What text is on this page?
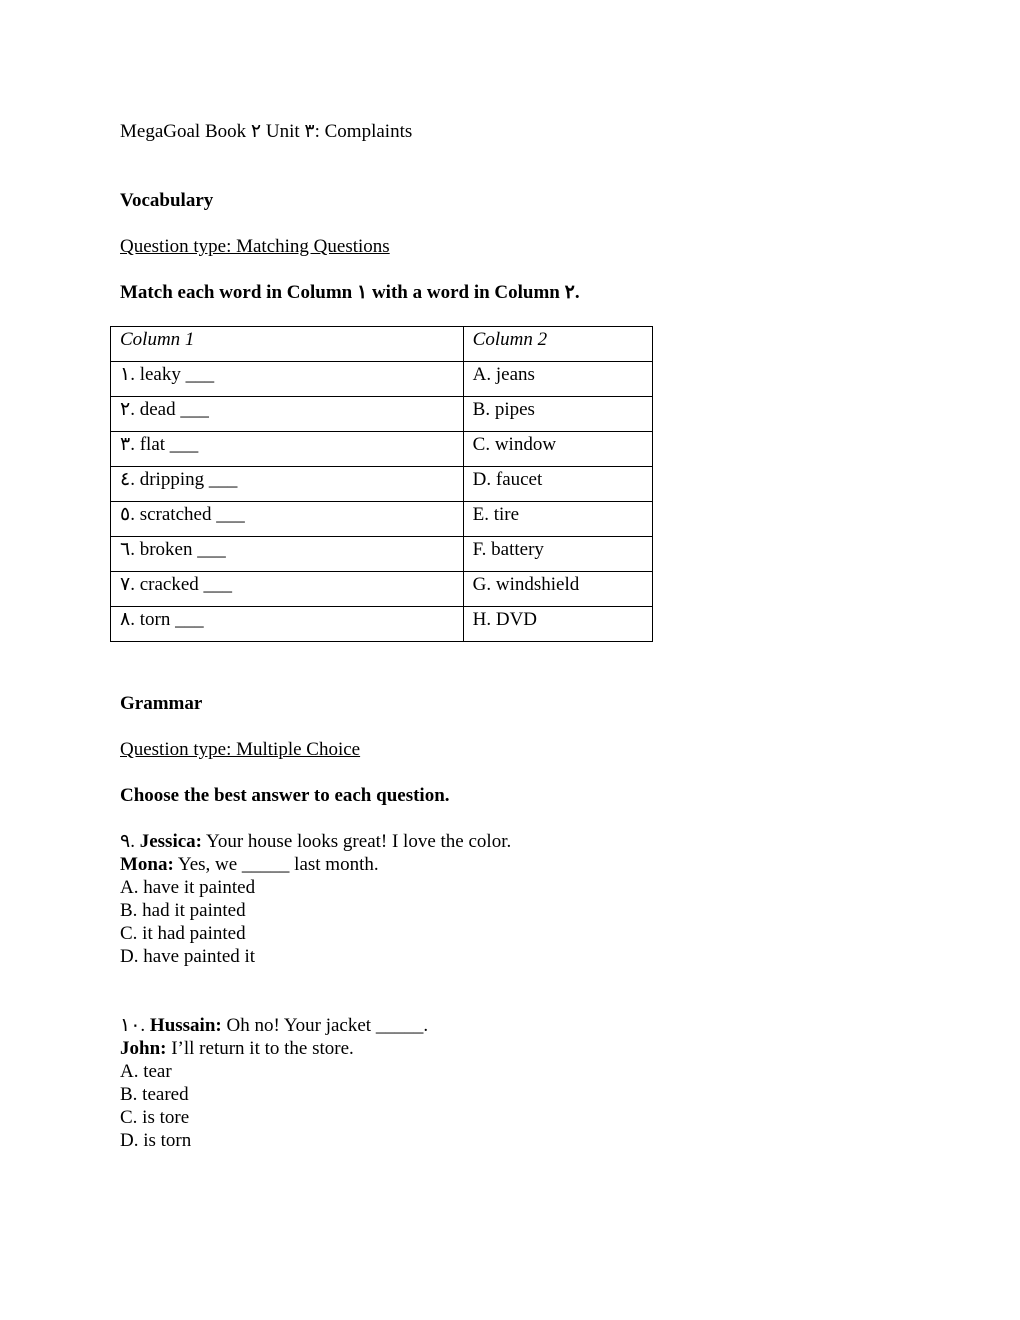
MegaGoal Book ٢ Unit ٣: Complaints
Vocabulary
Question type: Matching Questions
Match each word in Column ١ with a word in Column ٢.
Column 1	Column 2
١. leaky ___	A. jeans
٢. dead ___	B. pipes
٣. flat ___	C. window
٤. dripping ___	D. faucet
٥. scratched ___	E. tire
٦. broken ___	F. battery
٧. cracked ___	G. windshield
٨. torn ___	H. DVD
Grammar
Question type: Multiple Choice
Choose the best answer to each question.
٩. Jessica: Your house looks great! I love the color.
Mona: Yes, we _____ last month.
A. have it painted
B. had it painted
C. it had painted
D. have painted it
١٠. Hussain: Oh no! Your jacket _____.
John: I’ll return it to the store.
A. tear
B. teared
C. is tore
D. is torn
